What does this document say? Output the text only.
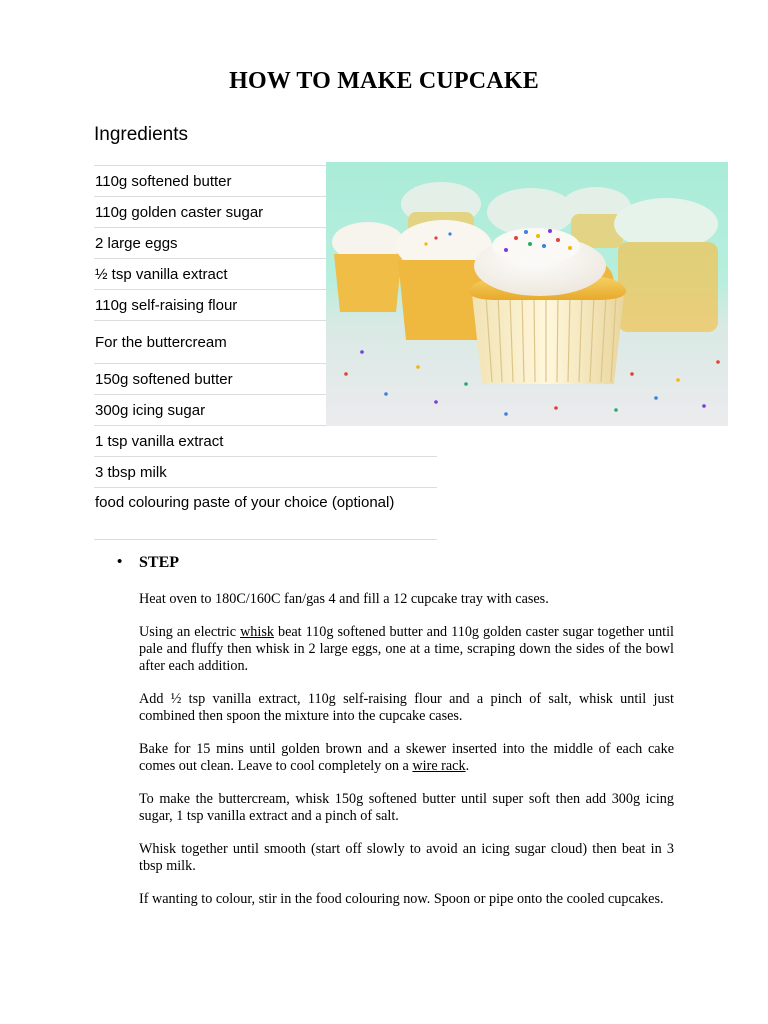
HOW TO MAKE CUPCAKE
Ingredients
110g softened butter
110g golden caster sugar
2 large eggs
½ tsp vanilla extract
110g self-raising flour
For the buttercream
150g softened butter
300g icing sugar
1 tsp vanilla extract
3 tbsp milk
food colouring paste of your choice (optional)
• STEP

Heat oven to 180C/160C fan/gas 4 and fill a 12 cupcake tray with cases.

Using an electric whisk beat 110g softened butter and 110g golden caster sugar together until pale and fluffy then whisk in 2 large eggs, one at a time, scraping down the sides of the bowl after each addition.

Add ½ tsp vanilla extract, 110g self-raising flour and a pinch of salt, whisk until just combined then spoon the mixture into the cupcake cases.

Bake for 15 mins until golden brown and a skewer inserted into the middle of each cake comes out clean. Leave to cool completely on a wire rack.

To make the buttercream, whisk 150g softened butter until super soft then add 300g icing sugar, 1 tsp vanilla extract and a pinch of salt.

Whisk together until smooth (start off slowly to avoid an icing sugar cloud) then beat in 3 tbsp milk.

If wanting to colour, stir in the food colouring now. Spoon or pipe onto the cooled cupcakes.
